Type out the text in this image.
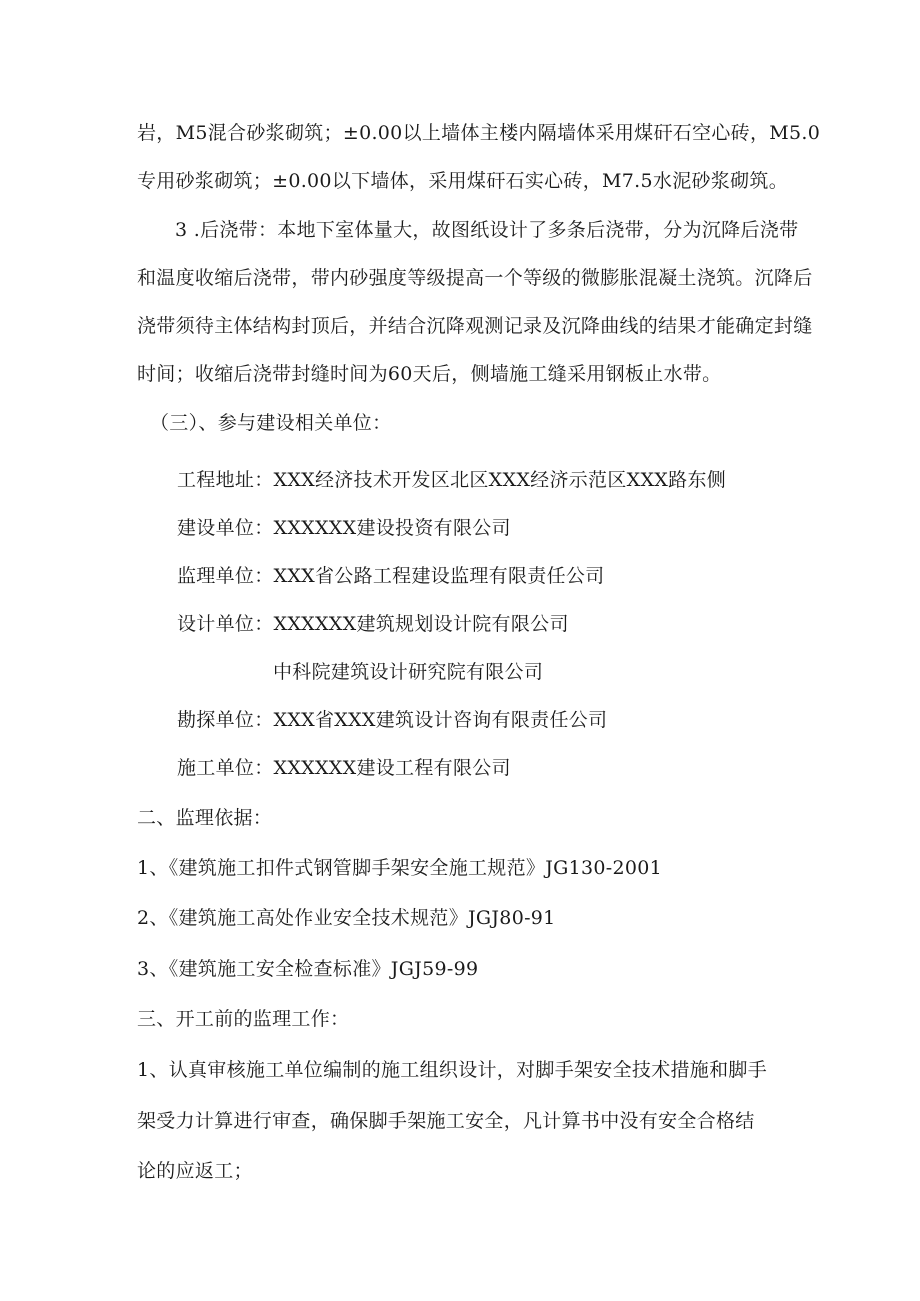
岩，M5混合砂浆砌筑；±0.00以上墙体主楼内隔墙体采用煤矸石空心砖，M5.0
专用砂浆砌筑；±0.00以下墙体，采用煤矸石实心砖，M7.5水泥砂浆砌筑。
3 .后浇带：本地下室体量大，故图纸设计了多条后浇带，分为沉降后浇带
和温度收缩后浇带，带内砂强度等级提高一个等级的微膨胀混凝土浇筑。沉降后
浇带须待主体结构封顶后，并结合沉降观测记录及沉降曲线的结果才能确定封缝
时间；收缩后浇带封缝时间为60天后，侧墙施工缝采用钢板止水带。
（三）、参与建设相关单位：
工程地址：XXX经济技术开发区北区XXX经济示范区XXX路东侧
建设单位：XXXXXX建设投资有限公司
监理单位：XXX省公路工程建设监理有限责任公司
设计单位：XXXXXX建筑规划设计院有限公司
中科院建筑设计研究院有限公司
勘探单位：XXX省XXX建筑设计咨询有限责任公司
施工单位：XXXXXX建设工程有限公司
二、监理依据：
1、《建筑施工扣件式钢管脚手架安全施工规范》JG130-2001
2、《建筑施工高处作业安全技术规范》JGJ80-91
3、《建筑施工安全检查标准》JGJ59-99
三、开工前的监理工作：
1、认真审核施工单位编制的施工组织设计，对脚手架安全技术措施和脚手
架受力计算进行审查，确保脚手架施工安全，凡计算书中没有安全合格结
论的应返工；
